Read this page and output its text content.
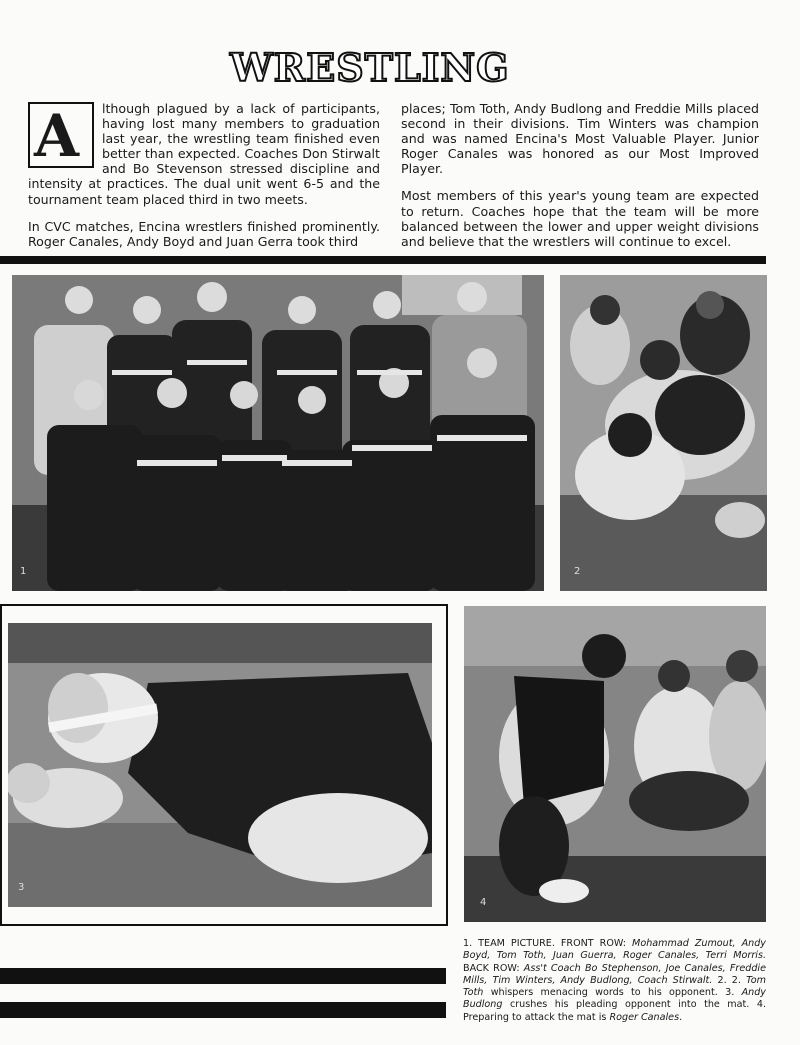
WRESTLING

A lthough plagued by a lack of participants, having lost many members to graduation last year, the wrestling team finished even better than expected. Coaches Don Stirwalt and Bo Stevenson stressed discipline and intensity at practices. The dual unit went 6-5 and the tournament team placed third in two meets.

In CVC matches, Encina wrestlers finished prominently. Roger Canales, Andy Boyd and Juan Gerra took third

places; Tom Toth, Andy Budlong and Freddie Mills placed second in their divisions. Tim Winters was champion and was named Encina's Most Valuable Player. Junior Roger Canales was honored as our Most Improved Player.

Most members of this year's young team are expected to return. Coaches hope that the team will be more balanced between the lower and upper weight divisions and believe that the wrestlers will continue to excel.

1	2
3
4
1. TEAM PICTURE. FRONT ROW: Mohammad Zumout, Andy Boyd, Tom Toth, Juan Guerra, Roger Canales, Terri Morris. BACK ROW: Ass't Coach Bo Stephenson, Joe Canales, Freddie Mills, Tim Winters, Andy Budlong, Coach Stirwalt. 2. 2. Tom Toth whispers menacing words to his opponent. 3. Andy Budlong crushes his pleading opponent into the mat. 4. Preparing to attack the mat is Roger Canales.
